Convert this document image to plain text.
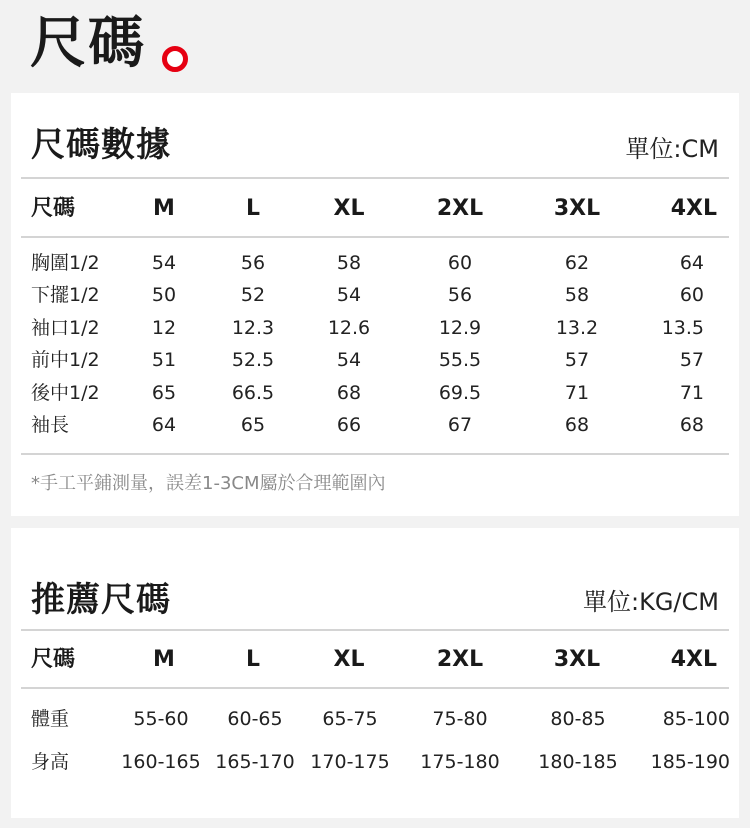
尺碼
尺碼數據	單位:CM
尺碼	M	L	XL	2XL	3XL	4XL
胸圍1/2	54	56	58	60	62	64
下擺1/2	50	52	54	56	58	60
袖口1/2	12	12.3	12.6	12.9	13.2	13.5
前中1/2	51	52.5	54	55.5	57	57
後中1/2	65	66.5	68	69.5	71	71
袖長	64	65	66	67	68	68
*手工平鋪測量，誤差1-3CM屬於合理範圍內
推薦尺碼	單位:KG/CM
尺碼	M	L	XL	2XL	3XL	4XL
體重	55-60 60-65 65-75	75-80	80-85	85-100
身高	160-165 165-170 170-175 175-180 180-185 185-190
